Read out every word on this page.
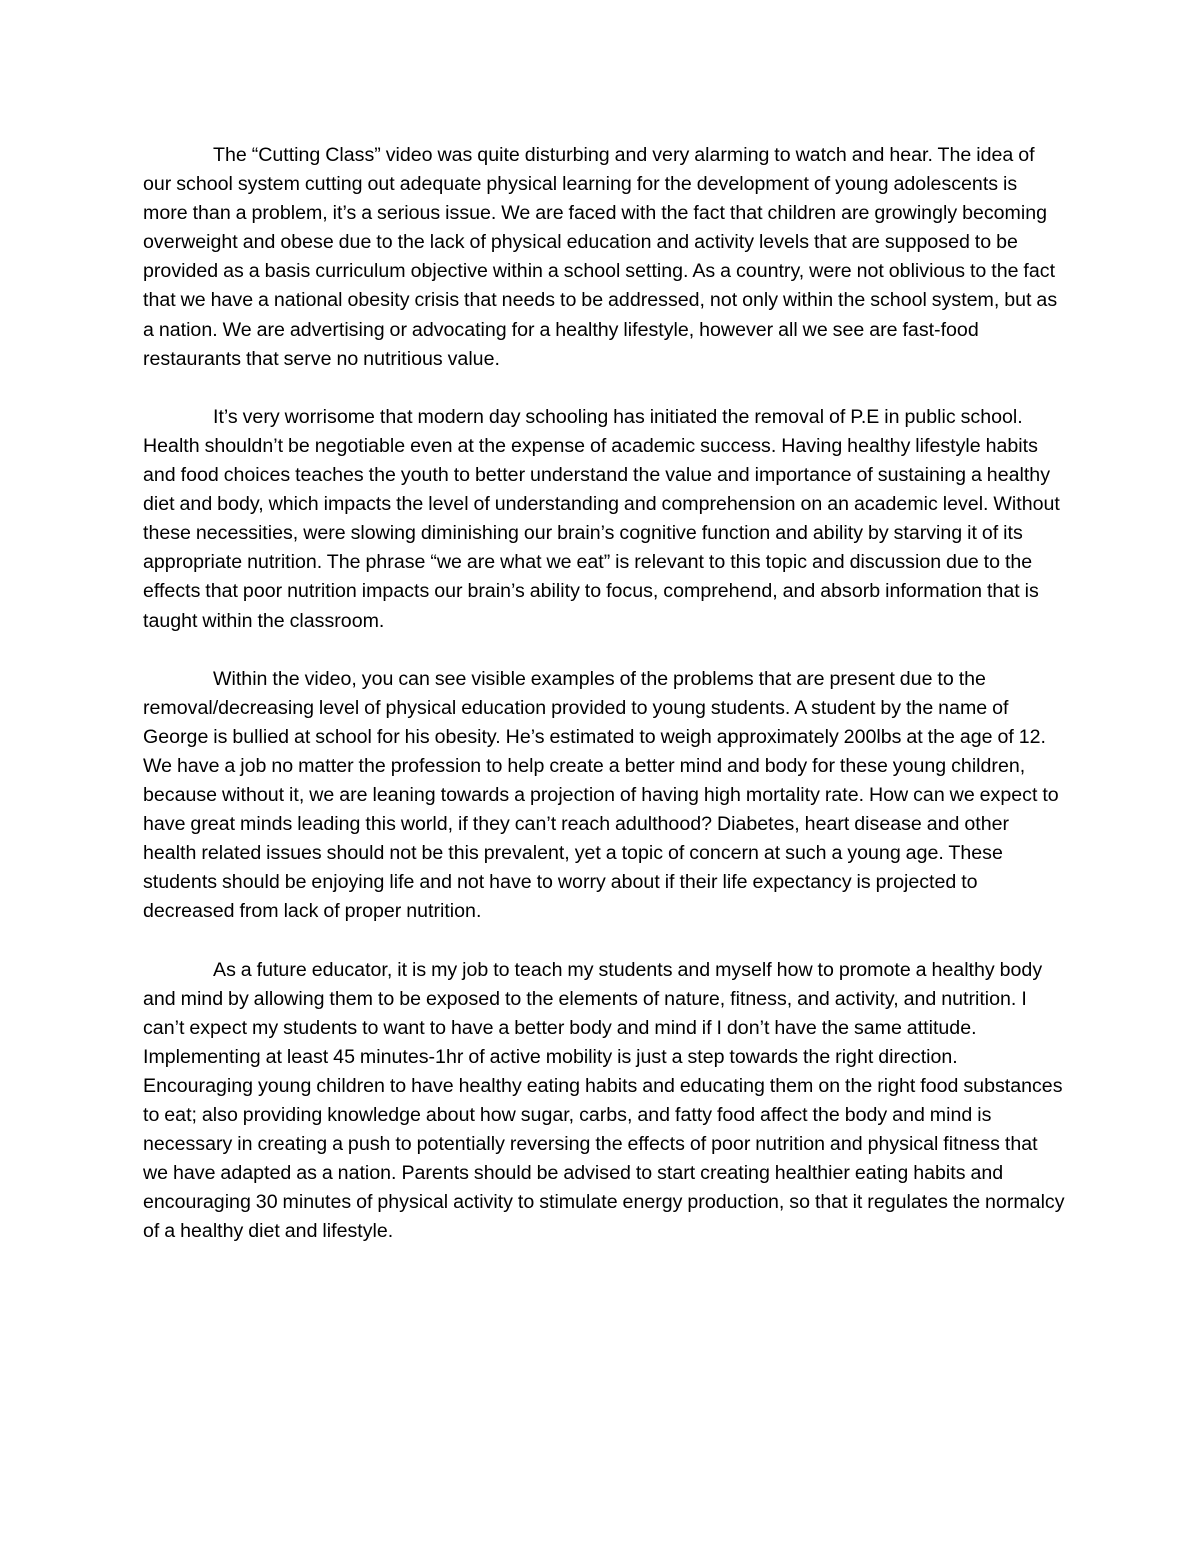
The “Cutting Class” video was quite disturbing and very alarming to watch and hear. The idea of our school system cutting out adequate physical learning for the development of young adolescents is more than a problem, it’s a serious issue. We are faced with the fact that children are growingly becoming overweight and obese due to the lack of physical education and activity levels that are supposed to be provided as a basis curriculum objective within a school setting. As a country, were not oblivious to the fact that we have a national obesity crisis that needs to be addressed, not only within the school system, but as a nation. We are advertising or advocating for a healthy lifestyle, however all we see are fast-food restaurants that serve no nutritious value.

It’s very worrisome that modern day schooling has initiated the removal of P.E in public school. Health shouldn’t be negotiable even at the expense of academic success. Having healthy lifestyle habits and food choices teaches the youth to better understand the value and importance of sustaining a healthy diet and body, which impacts the level of understanding and comprehension on an academic level. Without these necessities, were slowing diminishing our brain’s cognitive function and ability by starving it of its appropriate nutrition. The phrase “we are what we eat” is relevant to this topic and discussion due to the effects that poor nutrition impacts our brain’s ability to focus, comprehend, and absorb information that is taught within the classroom.

Within the video, you can see visible examples of the problems that are present due to the removal/decreasing level of physical education provided to young students. A student by the name of George is bullied at school for his obesity. He’s estimated to weigh approximately 200lbs at the age of 12. We have a job no matter the profession to help create a better mind and body for these young children, because without it, we are leaning towards a projection of having high mortality rate. How can we expect to have great minds leading this world, if they can’t reach adulthood? Diabetes, heart disease and other health related issues should not be this prevalent, yet a topic of concern at such a young age. These students should be enjoying life and not have to worry about if their life expectancy is projected to decreased from lack of proper nutrition.

As a future educator, it is my job to teach my students and myself how to promote a healthy body and mind by allowing them to be exposed to the elements of nature, fitness, and activity, and nutrition. I can’t expect my students to want to have a better body and mind if I don’t have the same attitude. Implementing at least 45 minutes-1hr of active mobility is just a step towards the right direction. Encouraging young children to have healthy eating habits and educating them on the right food substances to eat; also providing knowledge about how sugar, carbs, and fatty food affect the body and mind is necessary in creating a push to potentially reversing the effects of poor nutrition and physical fitness that we have adapted as a nation. Parents should be advised to start creating healthier eating habits and encouraging 30 minutes of physical activity to stimulate energy production, so that it regulates the normalcy of a healthy diet and lifestyle.
